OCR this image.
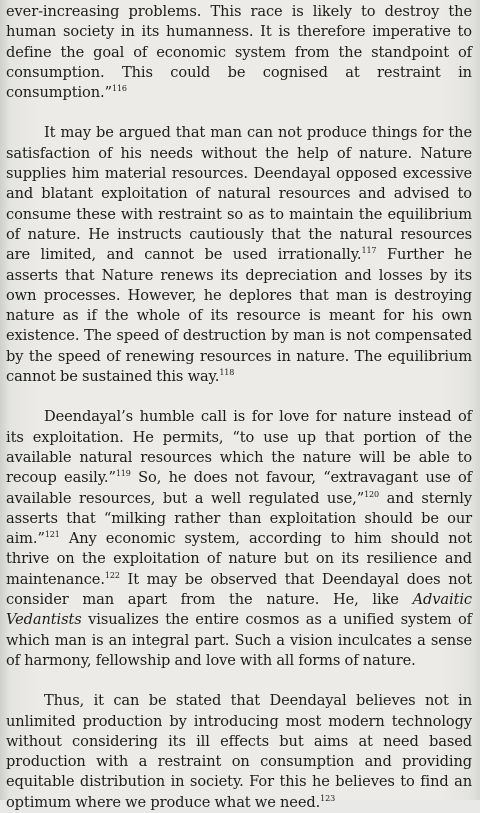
ever-increasing problems. This race is likely to destroy the human society in its humanness. It is therefore imperative to define the goal of economic system from the standpoint of consumption. This could be cognised at restraint in consumption.”$^{116}$

It may be argued that man can not produce things for the satisfaction of his needs without the help of nature. Nature supplies him material resources. Deendayal opposed excessive and blatant exploitation of natural resources and advised to consume these with restraint so as to maintain the equilibrium of nature. He instructs cautiously that the natural resources are limited, and cannot be used irrationally.$^{117}$ Further he asserts that Nature renews its depreciation and losses by its own processes. However, he deplores that man is destroying nature as if the whole of its resource is meant for his own existence. The speed of destruction by man is not compensated by the speed of renewing resources in nature. The equilibrium cannot be sustained this way.$^{118}$

Deendayal’s humble call is for love for nature instead of its exploitation. He permits, “to use up that portion of the available natural resources which the nature will be able to recoup easily.”$^{119}$ So, he does not favour, “extravagant use of available resources, but a well regulated use,”$^{120}$ and sternly asserts that “milking rather than exploitation should be our aim.”$^{121}$ Any economic system, according to him should not thrive on the exploitation of nature but on its resilience and maintenance.$^{122}$ It may be observed that Deendayal does not consider man apart from the nature. He, like Advaitic Vedantists visualizes the entire cosmos as a unified system of which man is an integral part. Such a vision inculcates a sense of harmony, fellowship and love with all forms of nature.

Thus, it can be stated that Deendayal believes not in unlimited production by introducing most modern technology without considering its ill effects but aims at need based production with a restraint on consumption and providing equitable distribution in society. For this he believes to find an optimum where we produce what we need.$^{123}$
